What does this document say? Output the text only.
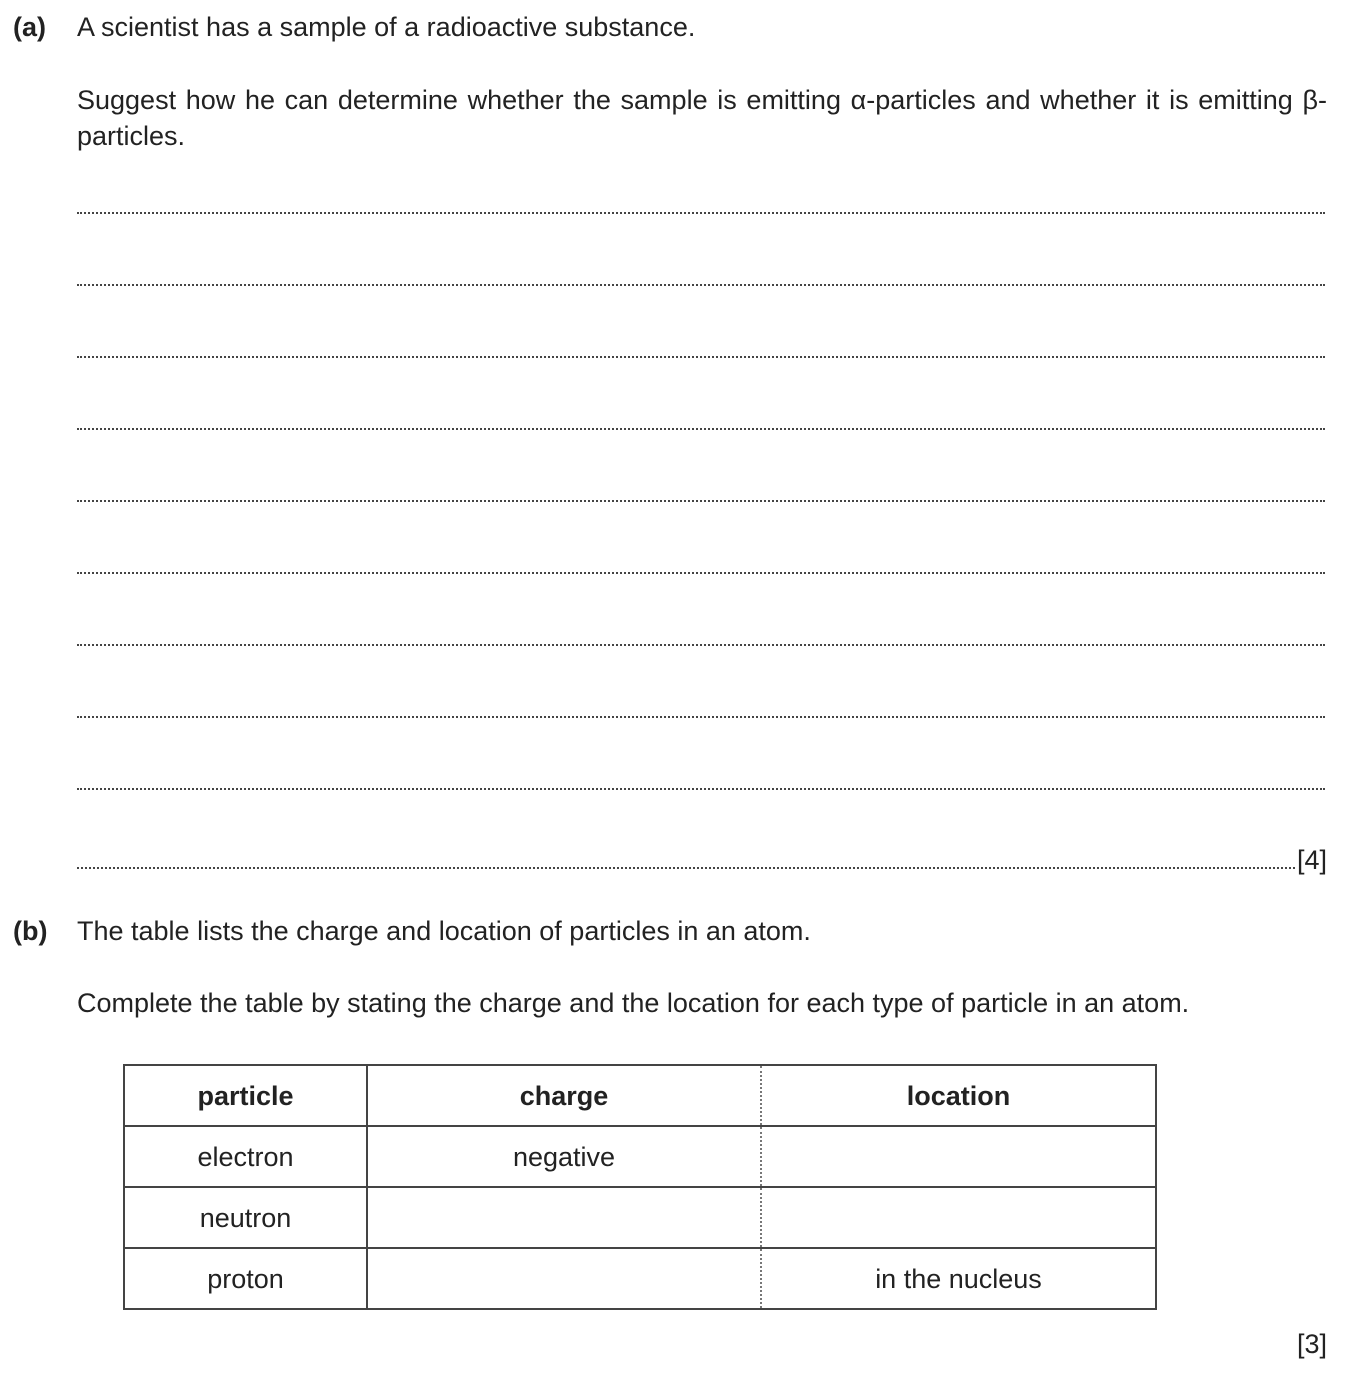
(a) A scientist has a sample of a radioactive substance.
Suggest how he can determine whether the sample is emitting α-particles and whether it is emitting β-particles.
[4]
(b) The table lists the charge and location of particles in an atom.
Complete the table by stating the charge and the location for each type of particle in an atom.
particle	charge	location
electron	negative	
neutron		
proton		in the nucleus
[3]
